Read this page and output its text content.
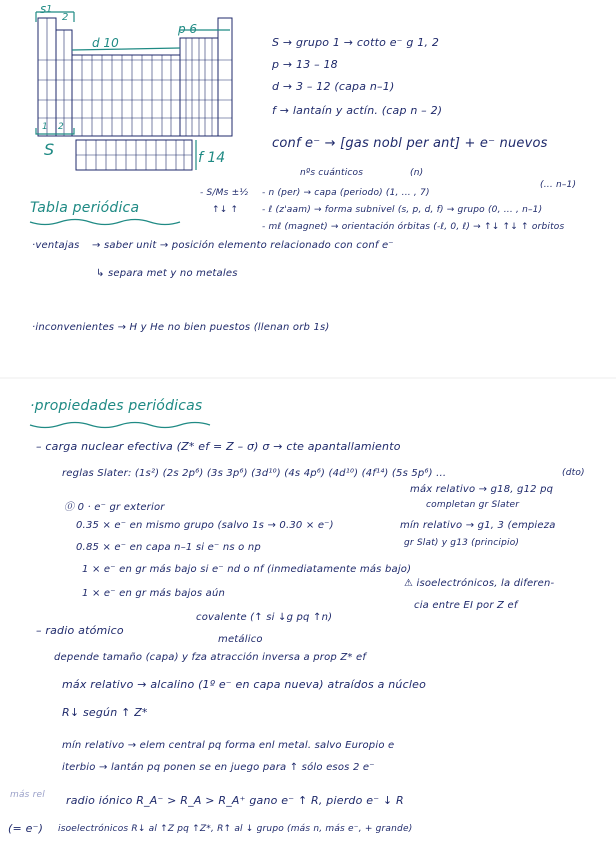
s 1
2
d 10
p 6
1 2
S	f 14
S → grupo 1 → cotto e⁻ g 1, 2
p → 13 – 18
d → 3 – 12 (capa n–1)
f → lantaín y actín. (cap n – 2)
conf e⁻ → [gas nobl per ant] + e⁻ nuevos
nºs cuánticos	(n)
(... n–1)
- S/Ms ±½
↑↓ ↑
- n (per) → capa (periodo) (1, ... , 7)
- ℓ (z'aam) → forma subnivel (s, p, d, f) → grupo (0, ... , n–1)
- mℓ (magnet) → orientación órbitas (-ℓ, 0, ℓ) → ↑↓ ↑↓ ↑ orbitos
Tabla periódica
·ventajas → saber unit → posición elemento relacionado con conf e⁻
↳ separa met y no metales
·inconvenientes → H y He no bien puestos (llenan orb 1s)
·propiedades periódicas
– carga nuclear efectiva (Z* ef = Z – σ) σ → cte apantallamiento
reglas Slater: (1s²) (2s 2p⁶) (3s 3p⁶) (3d¹⁰) (4s 4p⁶) (4d¹⁰) (4f¹⁴) (5s 5p⁶) ...	(dto)
⓪ 0 · e⁻ gr exterior
0.35 × e⁻ en mismo grupo (salvo 1s → 0.30 × e⁻)
0.85 × e⁻ en capa n–1 si e⁻ ns o np
1 × e⁻ en gr más bajo si e⁻ nd o nf (inmediatamente más bajo)
1 × e⁻ en gr más bajos aún
máx relativo → g18, g12 pq
completan gr Slater
mín relativo → g1, 3 (empieza
gr Slat) y g13 (principio)
⚠ isoelectrónicos, la diferen-
cia entre EI por Z ef
– radio atómico
covalente (↑ si ↓g pq ↑n)
metálico
depende tamaño (capa) y fza atracción inversa a prop Z* ef
máx relativo → alcalino (1º e⁻ en capa nueva) atraídos a núcleo
R↓ según ↑ Z*
mín relativo → elem central pq forma enl metal. salvo Europio e
iterbio → lantán pq ponen se en juego para ↑ sólo esos 2 e⁻
radio iónico R_A⁻ > R_A > R_A⁺ gano e⁻ ↑ R, pierdo e⁻ ↓ R
más rel
(= e⁻) isoelectrónicos R↓ al ↑Z pq ↑Z*, R↑ al ↓ grupo (más n, más e⁻, + grande)
